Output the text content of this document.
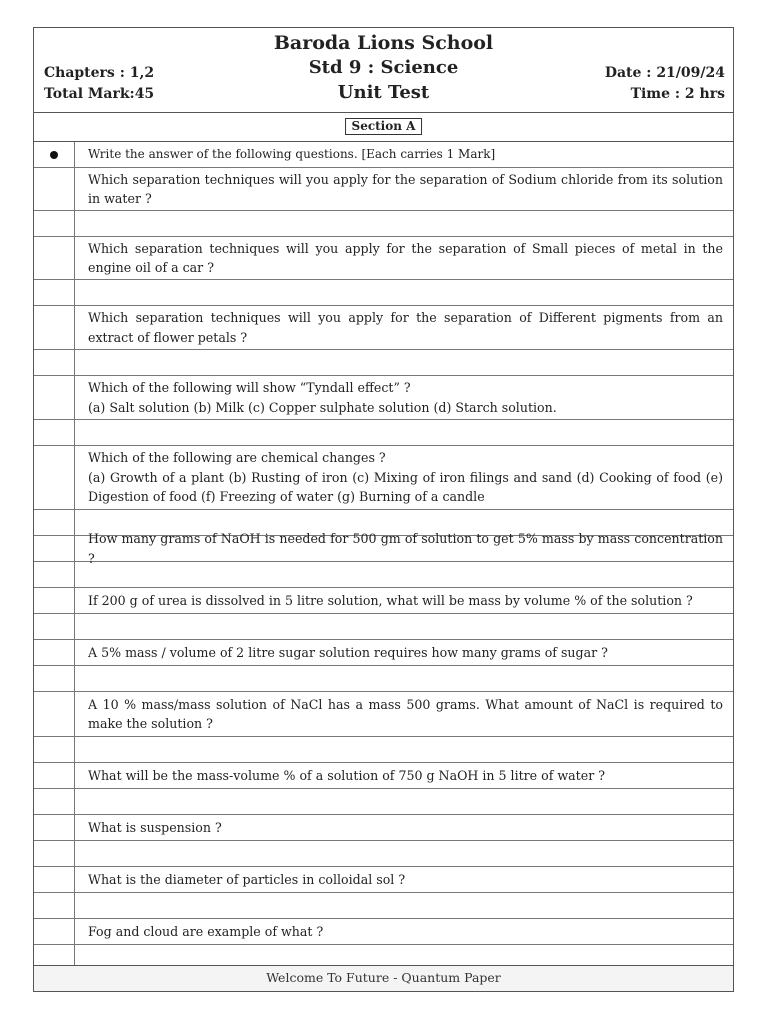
Baroda Lions School
Std 9 : Science
Unit Test
Chapters : 1,2
Total Mark:45
Date : 21/09/24
Time : 2 hrs
Section A
Write the answer of the following questions. [Each carries 1 Mark]
Which separation techniques will you apply for the separation of Sodium chloride from its solution in water ?
Which separation techniques will you apply for the separation of Small pieces of metal in the engine oil of a car ?
Which separation techniques will you apply for the separation of Different pigments from an extract of flower petals ?
Which of the following will show “Tyndall effect” ?
(a) Salt solution (b) Milk (c) Copper sulphate solution (d) Starch solution.
Which of the following are chemical changes ?
(a) Growth of a plant (b) Rusting of iron (c) Mixing of iron filings and sand (d) Cooking of food (e) Digestion of food (f) Freezing of water (g) Burning of a candle
How many grams of NaOH is needed for 500 gm of solution to get 5% mass by mass concentration ?
If 200 g of urea is dissolved in 5 litre solution, what will be mass by volume % of the solution ?
A 5% mass / volume of 2 litre sugar solution requires how many grams of sugar ?
A 10 % mass/mass solution of NaCl has a mass 500 grams. What amount of NaCl is required to make the solution ?
What will be the mass-volume % of a solution of 750 g NaOH in 5 litre of water ?
What is suspension ?
What is the diameter of particles in colloidal sol ?
Fog and cloud are example of what ?
Welcome To Future - Quantum Paper
